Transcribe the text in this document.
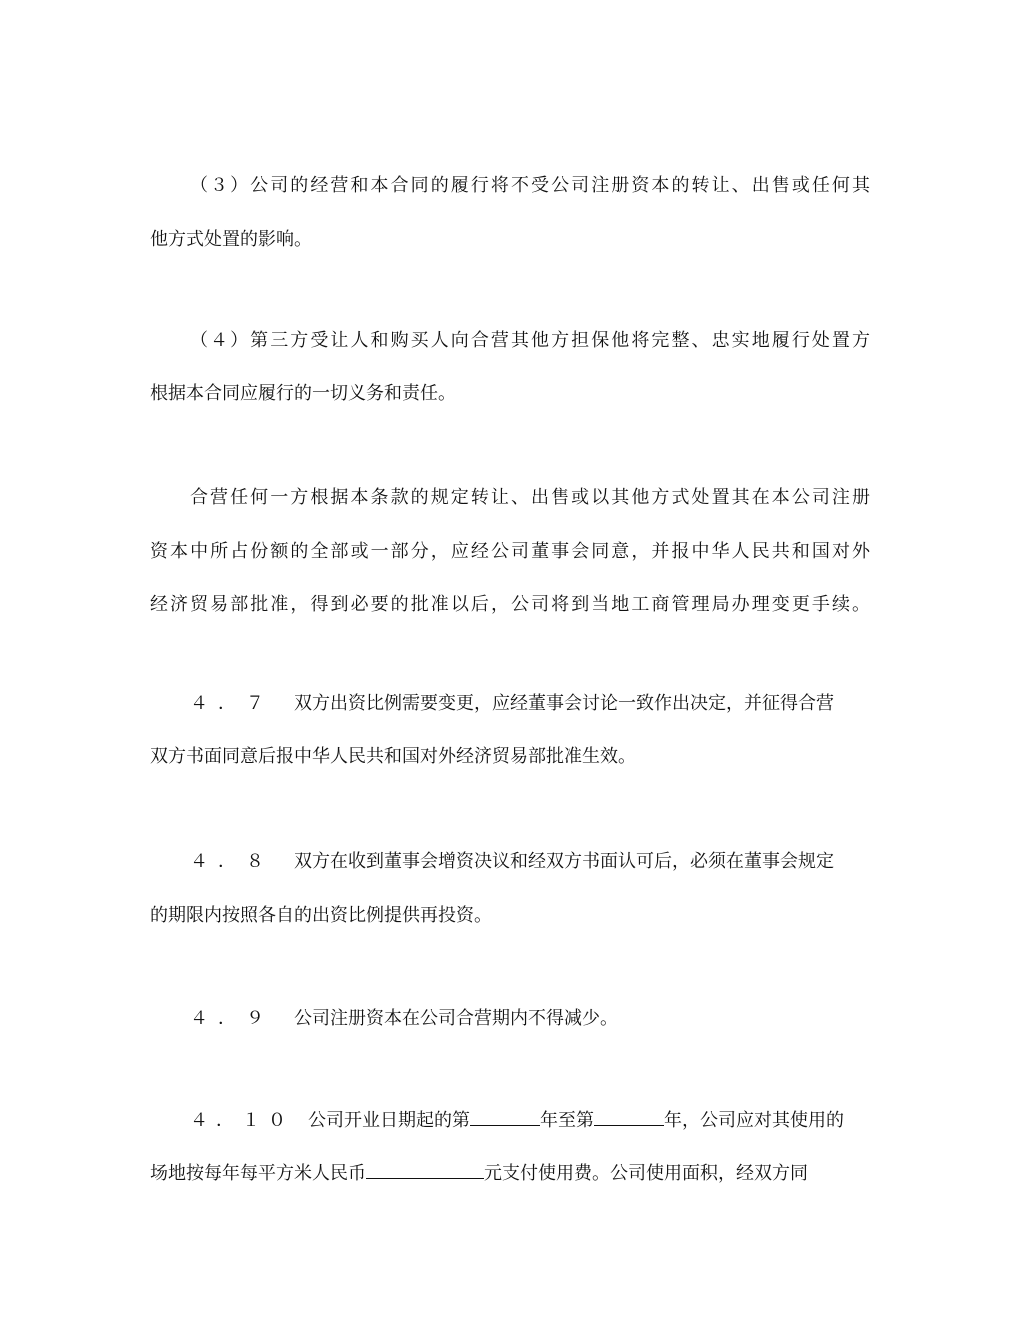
（３）公司的经营和本合同的履行将不受公司注册资本的转让、出售或任何其
他方式处置的影响。
（４）第三方受让人和购买人向合营其他方担保他将完整、忠实地履行处置方
根据本合同应履行的一切义务和责任。
合营任何一方根据本条款的规定转让、出售或以其他方式处置其在本公司注册
资本中所占份额的全部或一部分，应经公司董事会同意，并报中华人民共和国对外
经济贸易部批准，得到必要的批准以后，公司将到当地工商管理局办理变更手续。
４．７ 双方出资比例需要变更，应经董事会讨论一致作出决定，并征得合营
双方书面同意后报中华人民共和国对外经济贸易部批准生效。
４．８ 双方在收到董事会增资决议和经双方书面认可后，必须在董事会规定
的期限内按照各自的出资比例提供再投资。
４．９ 公司注册资本在公司合营期内不得减少。
４．１０ 公司开业日期起的第	年至第	年，公司应对其使用的
场地按每年每平方米人民币	元支付使用费。公司使用面积，经双方同
